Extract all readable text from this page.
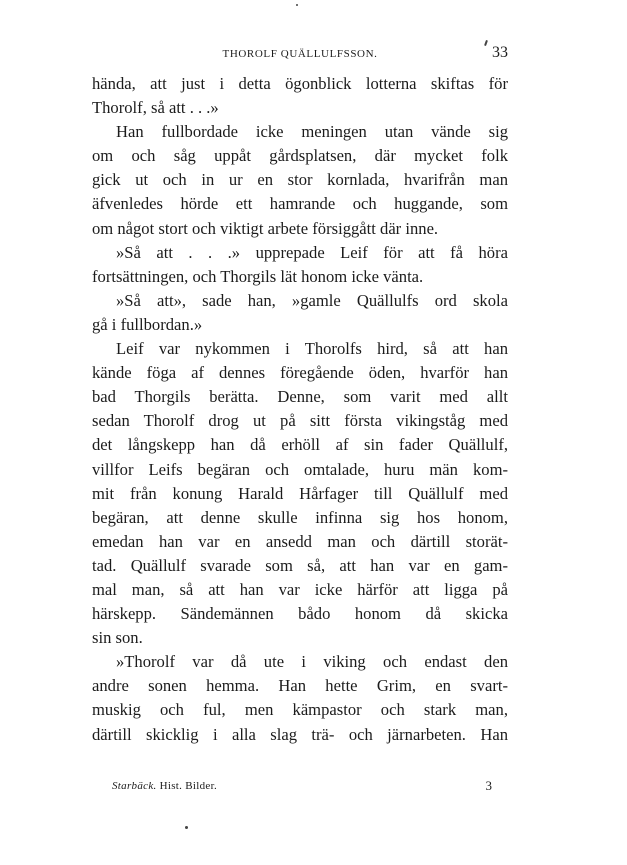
THOROLF QUÄLLULFSSON.	33
hända, att just i detta ögonblick lotterna skiftas för
Thorolf, så att . . .»
Han fullbordade icke meningen utan vände sig
om och såg uppåt gårdsplatsen, där mycket folk
gick ut och in ur en stor kornlada, hvarifrån man
äfvenledes hörde ett hamrande och huggande, som
om något stort och viktigt arbete försiggått där inne.
»Så att . . .» upprepade Leif för att få höra
fortsättningen, och Thorgils lät honom icke vänta.
»Så att», sade han, »gamle Quällulfs ord skola
gå i fullbordan.»
Leif var nykommen i Thorolfs hird, så att han
kände föga af dennes föregående öden, hvarför han
bad Thorgils berätta. Denne, som varit med allt
sedan Thorolf drog ut på sitt första vikingståg med
det långskepp han då erhöll af sin fader Quällulf,
villfor Leifs begäran och omtalade, huru män kom-
mit från konung Harald Hårfager till Quällulf med
begäran, att denne skulle infinna sig hos honom,
emedan han var en ansedd man och därtill storät-
tad. Quällulf svarade som så, att han var en gam-
mal man, så att han var icke härför att ligga på
härskepp. Sändemännen bådo honom då skicka
sin son.
»Thorolf var då ute i viking och endast den
andre sonen hemma. Han hette Grim, en svart-
muskig och ful, men kämpastor och stark man,
därtill skicklig i alla slag trä- och järnarbeten. Han
Starbäck. Hist. Bilder.	3
